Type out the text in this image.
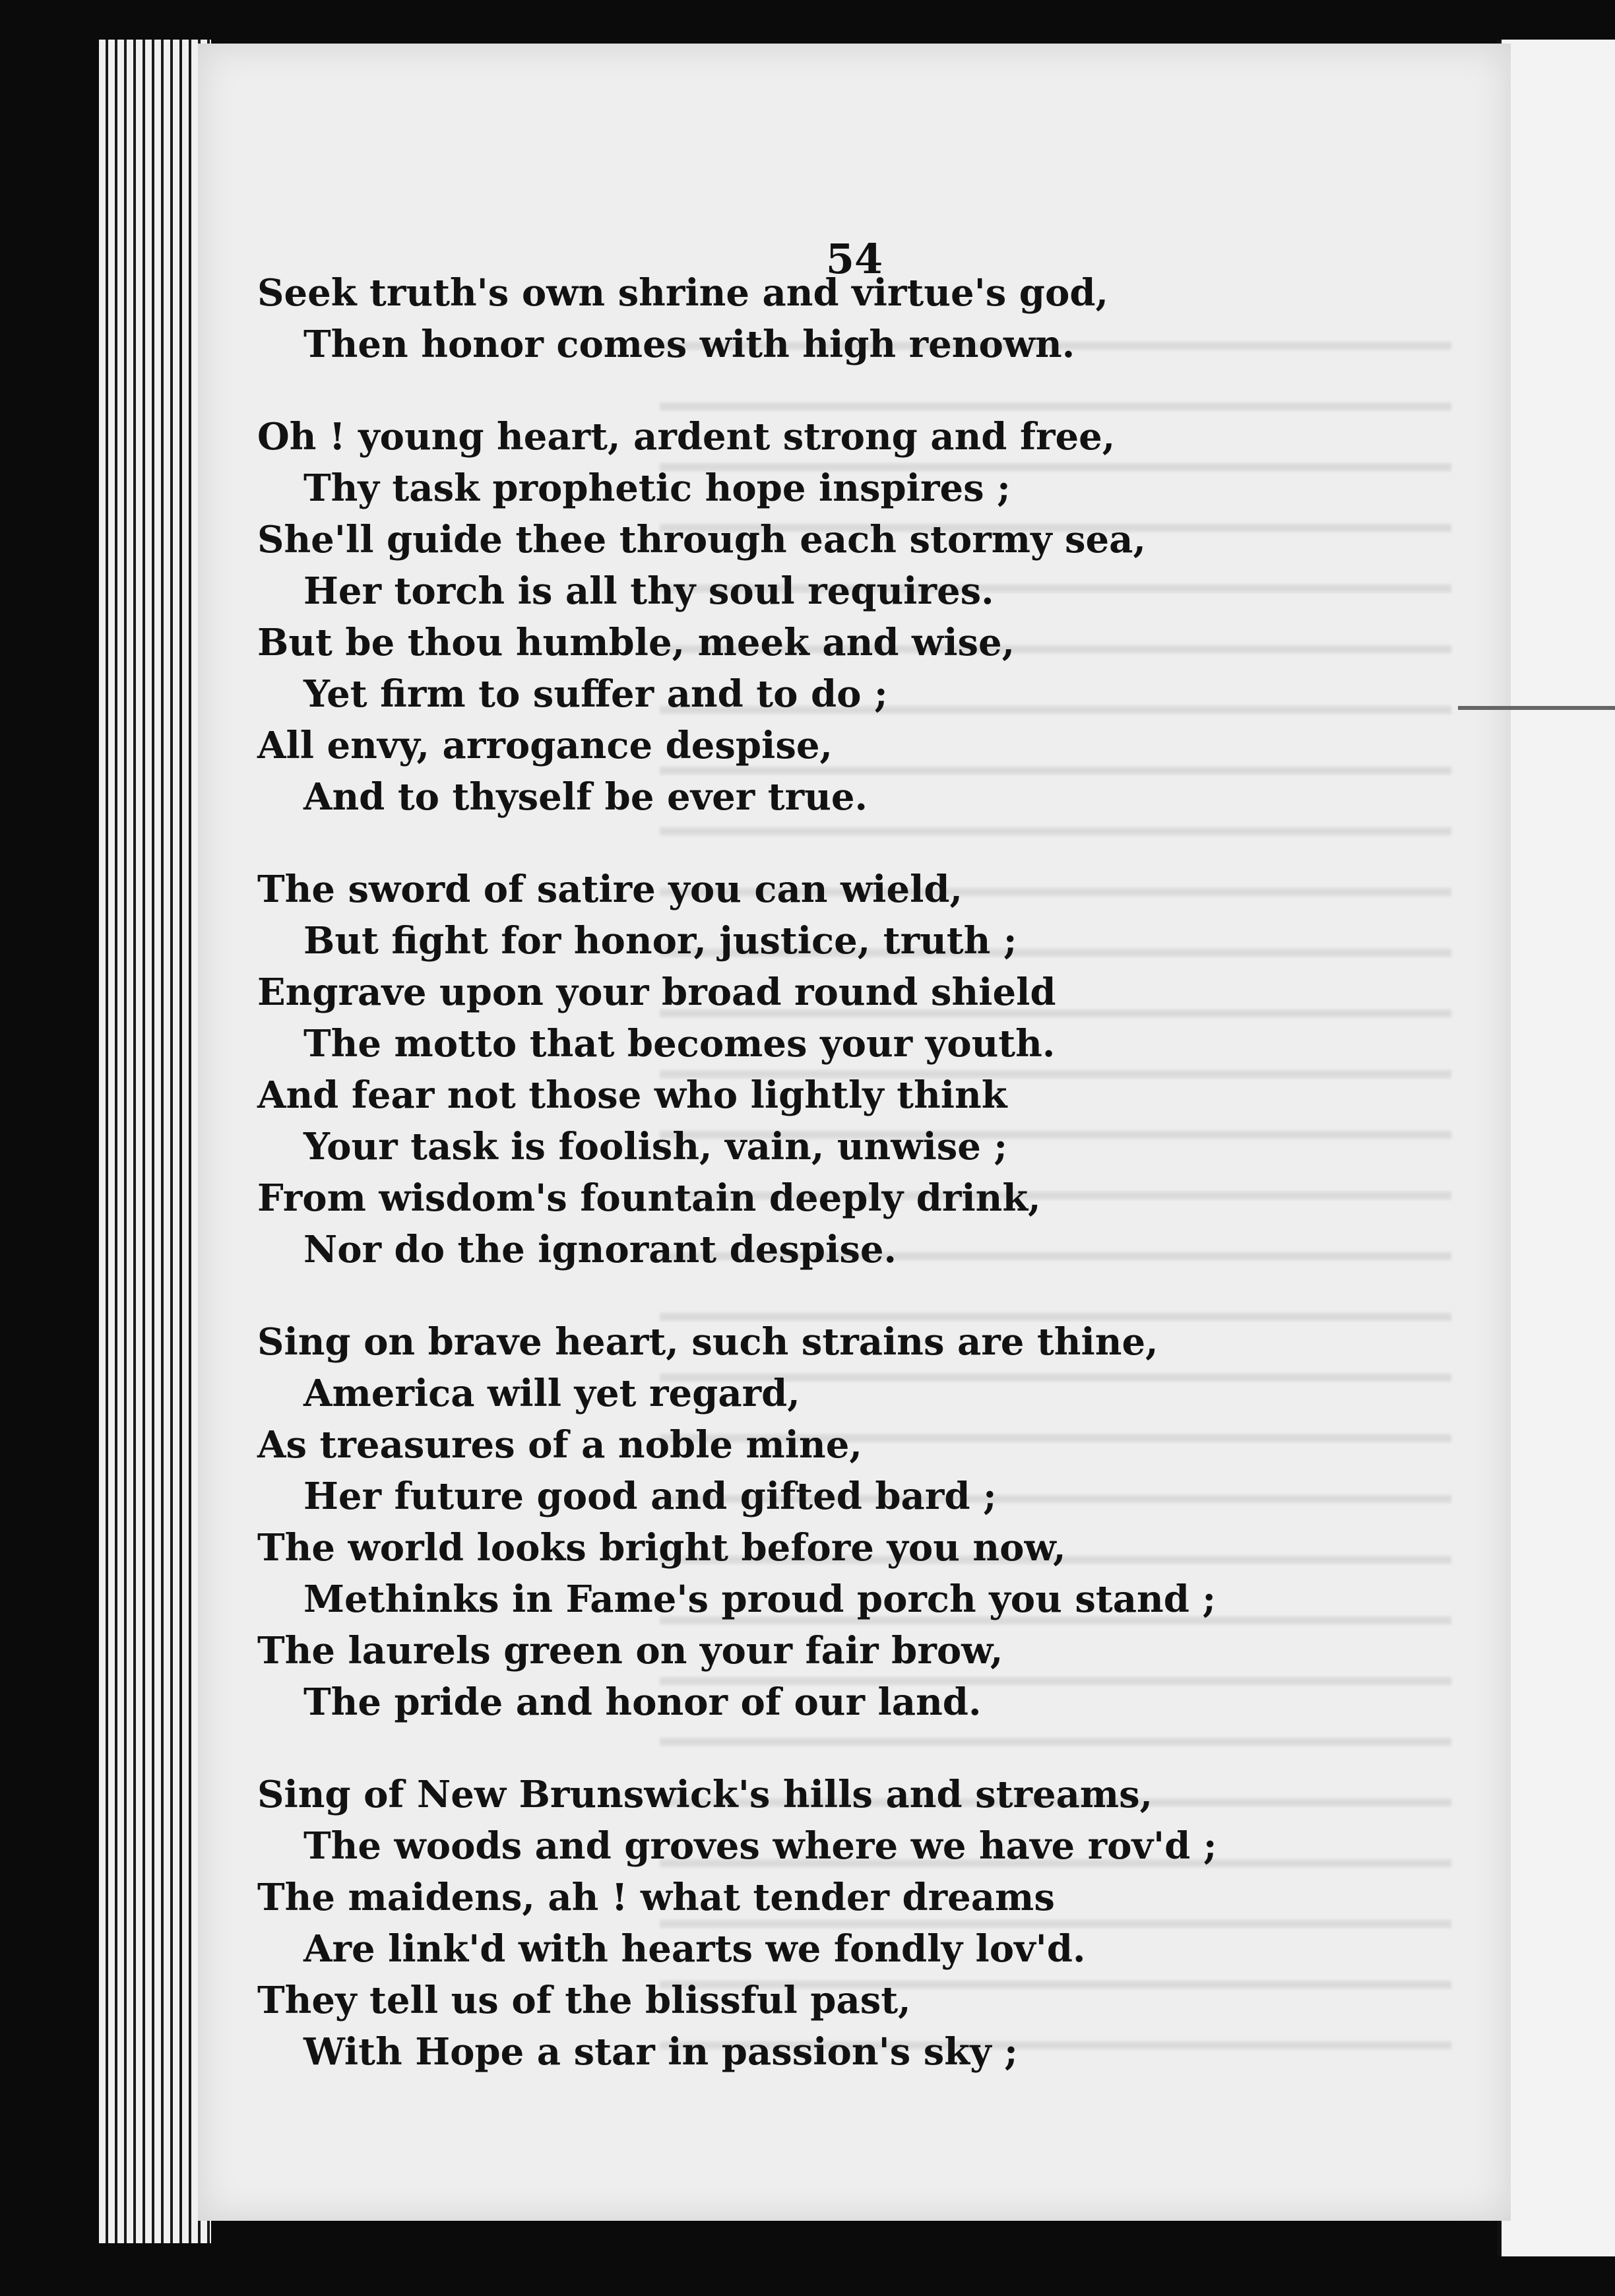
54
Seek truth's own shrine and virtue's god,
Then honor comes with high renown.
Oh ! young heart, ardent strong and free,
Thy task prophetic hope inspires ;
She'll guide thee through each stormy sea,
Her torch is all thy soul requires.
But be thou humble, meek and wise,
Yet firm to suffer and to do ;
All envy, arrogance despise,
And to thyself be ever true.
The sword of satire you can wield,
But fight for honor, justice, truth ;
Engrave upon your broad round shield
The motto that becomes your youth.
And fear not those who lightly think
Your task is foolish, vain, unwise ;
From wisdom's fountain deeply drink,
Nor do the ignorant despise.
Sing on brave heart, such strains are thine,
America will yet regard,
As treasures of a noble mine,
Her future good and gifted bard ;
The world looks bright before you now,
Methinks in Fame's proud porch you stand ;
The laurels green on your fair brow,
The pride and honor of our land.
Sing of New Brunswick's hills and streams,
The woods and groves where we have rov'd ;
The maidens, ah ! what tender dreams
Are link'd with hearts we fondly lov'd.
They tell us of the blissful past,
With Hope a star in passion's sky ;
